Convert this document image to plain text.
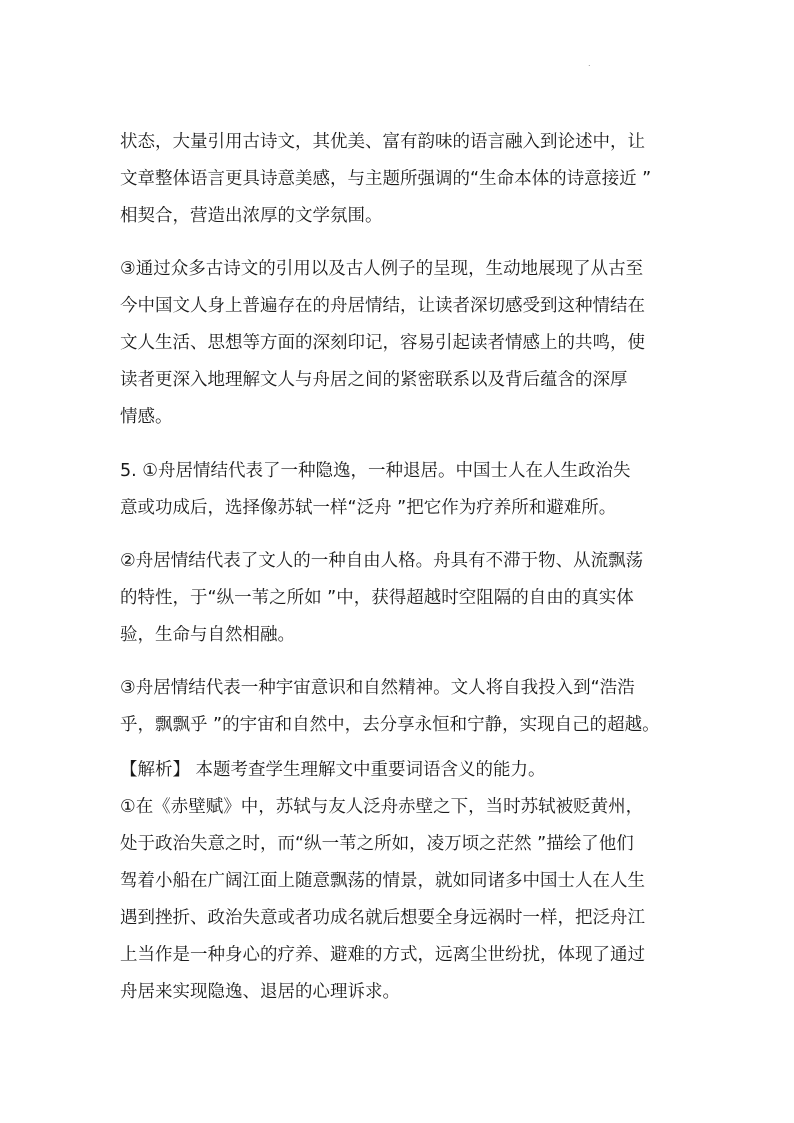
.

状态，大量引用古诗文，其优美、富有韵味的语言融入到论述中，让
文章整体语言更具诗意美感，与主题所强调的“生命本体的诗意接近 ”
相契合，营造出浓厚的文学氛围。

③通过众多古诗文的引用以及古人例子的呈现，生动地展现了从古至
今中国文人身上普遍存在的舟居情结，让读者深切感受到这种情结在
文人生活、思想等方面的深刻印记，容易引起读者情感上的共鸣，使
读者更深入地理解文人与舟居之间的紧密联系以及背后蕴含的深厚
情感。

5. ①舟居情结代表了一种隐逸，一种退居。中国士人在人生政治失
意或功成后，选择像苏轼一样“泛舟 ”把它作为疗养所和避难所。

②舟居情结代表了文人的一种自由人格。舟具有不滞于物、从流飘荡
的特性，于“纵一苇之所如 ”中，获得超越时空阻隔的自由的真实体
验，生命与自然相融。

③舟居情结代表一种宇宙意识和自然精神。文人将自我投入到“浩浩
乎，飘飘乎 ”的宇宙和自然中，去分享永恒和宁静，实现自己的超越。

【解析】 本题考查学生理解文中重要词语含义的能力。

①在《赤壁赋》中，苏轼与友人泛舟赤壁之下，当时苏轼被贬黄州，
处于政治失意之时，而“纵一苇之所如，凌万顷之茫然 ”描绘了他们
驾着小船在广阔江面上随意飘荡的情景，就如同诸多中国士人在人生
遇到挫折、政治失意或者功成名就后想要全身远祸时一样，把泛舟江
上当作是一种身心的疗养、避难的方式，远离尘世纷扰，体现了通过
舟居来实现隐逸、退居的心理诉求。
